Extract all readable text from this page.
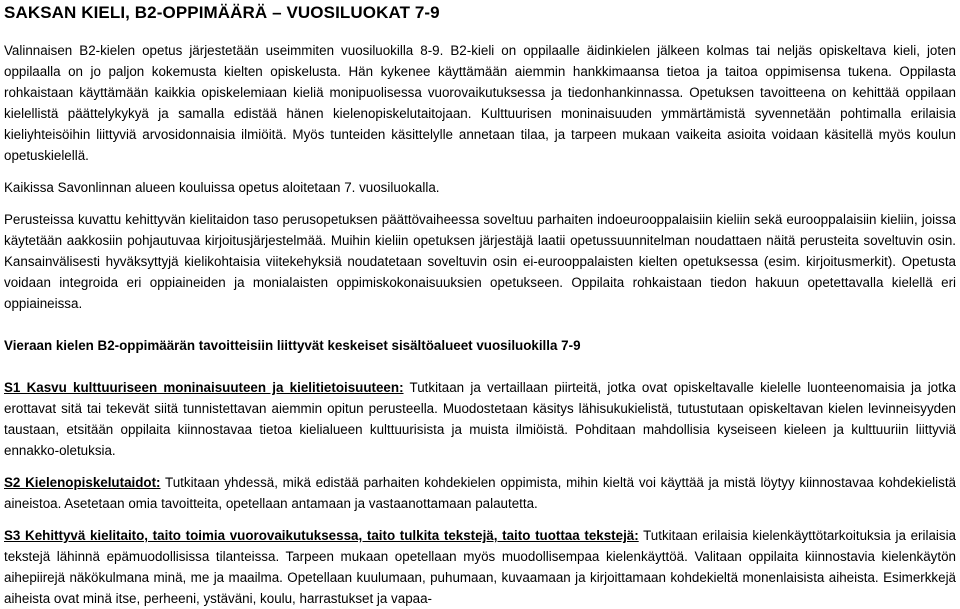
SAKSAN KIELI, B2-OPPIMÄÄRÄ – VUOSILUOKAT 7-9

Valinnaisen B2-kielen opetus järjestetään useimmiten vuosiluokilla 8-9. B2-kieli on oppilaalle äidinkielen jälkeen kolmas tai neljäs opiskeltava kieli, joten oppilaalla on jo paljon kokemusta kielten opiskelusta. Hän kykenee käyttämään aiemmin hankkimaansa tietoa ja taitoa oppimisensa tukena. Oppilasta rohkaistaan käyttämään kaikkia opiskelemiaan kieliä monipuolisessa vuorovaikutuksessa ja tiedonhankinnassa. Opetuksen tavoitteena on kehittää oppilaan kielellistä päättelykykyä ja samalla edistää hänen kielenopiskelutaitojaan. Kulttuurisen moninaisuuden ymmärtämistä syvennetään pohtimalla erilaisia kieliyhteisöihin liittyviä arvosidonnaisia ilmiöitä. Myös tunteiden käsittelylle annetaan tilaa, ja tarpeen mukaan vaikeita asioita voidaan käsitellä myös koulun opetuskielellä.

Kaikissa Savonlinnan alueen kouluissa opetus aloitetaan 7. vuosiluokalla.

Perusteissa kuvattu kehittyvän kielitaidon taso perusopetuksen päättövaiheessa soveltuu parhaiten indoeurooppalaisiin kieliin sekä eurooppalaisiin kieliin, joissa käytetään aakkosiin pohjautuvaa kirjoitusjärjestelmää. Muihin kieliin opetuksen järjestäjä laatii opetussuunnitelman noudattaen näitä perusteita soveltuvin osin. Kansainvälisesti hyväksyttyjä kielikohtaisia viitekehyksiä noudatetaan soveltuvin osin ei-eurooppalaisten kielten opetuksessa (esim. kirjoitusmerkit). Opetusta voidaan integroida eri oppiaineiden ja monialaisten oppimiskokonaisuuksien opetukseen. Oppilaita rohkaistaan tiedon hakuun opetettavalla kielellä eri oppiaineissa.

Vieraan kielen B2-oppimäärän tavoitteisiin liittyvät keskeiset sisältöalueet vuosiluokilla 7-9

S1 Kasvu kulttuuriseen moninaisuuteen ja kielitietoisuuteen: Tutkitaan ja vertaillaan piirteitä, jotka ovat opiskeltavalle kielelle luonteenomaisia ja jotka erottavat sitä tai tekevät siitä tunnistettavan aiemmin opitun perusteella. Muodostetaan käsitys lähisukukielistä, tutustutaan opiskeltavan kielen levinneisyyden taustaan, etsitään oppilaita kiinnostavaa tietoa kielialueen kulttuurisista ja muista ilmiöistä. Pohditaan mahdollisia kyseiseen kieleen ja kulttuuriin liittyviä ennakko-oletuksia.

S2 Kielenopiskelutaidot: Tutkitaan yhdessä, mikä edistää parhaiten kohdekielen oppimista, mihin kieltä voi käyttää ja mistä löytyy kiinnostavaa kohdekielistä aineistoa. Asetetaan omia tavoitteita, opetellaan antamaan ja vastaanottamaan palautetta.

S3 Kehittyvä kielitaito, taito toimia vuorovaikutuksessa, taito tulkita tekstejä, taito tuottaa tekstejä: Tutkitaan erilaisia kielenkäyttötarkoituksia ja erilaisia tekstejä lähinnä epämuodollisissa tilanteissa. Tarpeen mukaan opetellaan myös muodollisempaa kielenkäyttöä. Valitaan oppilaita kiinnostavia kielenkäytön aihepiirejä näkökulmana minä, me ja maailma. Opetellaan kuulumaan, puhumaan, kuvaamaan ja kirjoittamaan kohdekieltä monenlaisista aiheista. Esimerkkejä aiheista ovat minä itse, perheeni, ystäväni, koulu, harrastukset ja vapaa-
